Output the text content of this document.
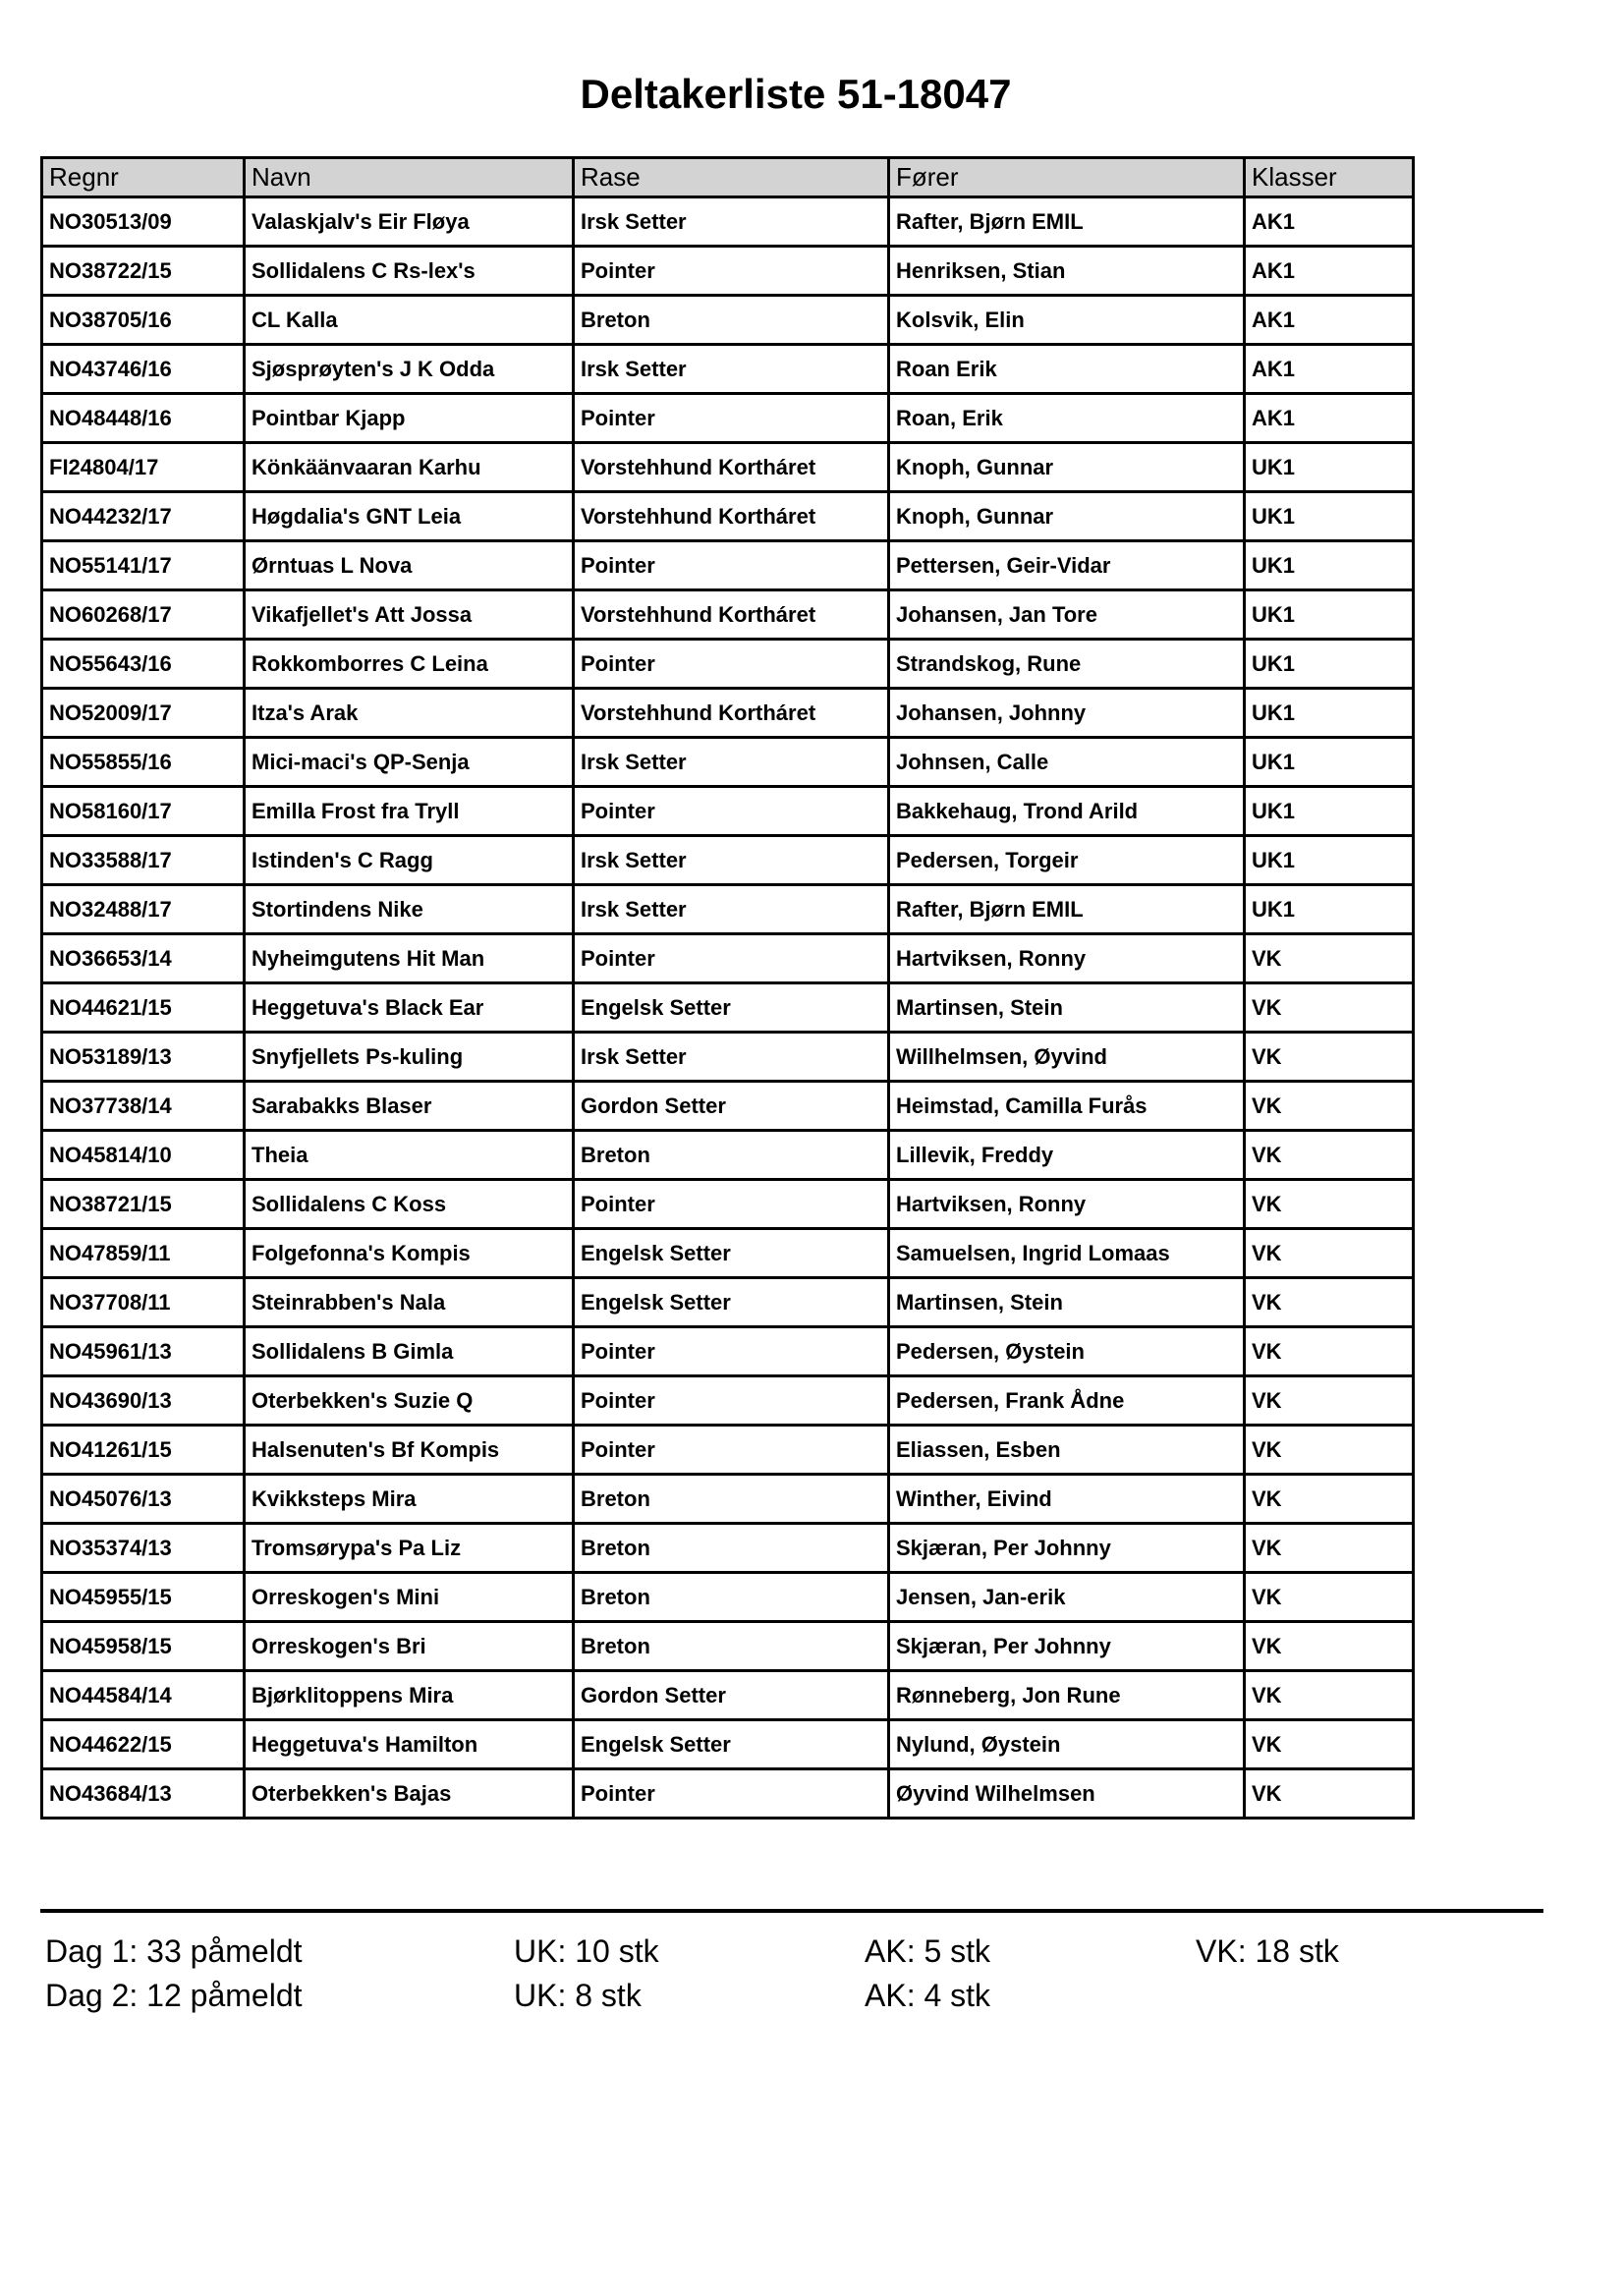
Deltakerliste 51-18047
Regnr	Navn	Rase	Fører	Klasser
NO30513/09	Valaskjalv's Eir Fløya	Irsk Setter	Rafter, Bjørn EMIL	AK1
NO38722/15	Sollidalens C Rs-lex's	Pointer	Henriksen, Stian	AK1
NO38705/16	CL Kalla	Breton	Kolsvik, Elin	AK1
NO43746/16	Sjøsprøyten's J K Odda	Irsk Setter	Roan Erik	AK1
NO48448/16	Pointbar Kjapp	Pointer	Roan, Erik	AK1
FI24804/17	Könkäänvaaran Karhu	Vorstehhund Kortháret	Knoph, Gunnar	UK1
NO44232/17	Høgdalia's GNT Leia	Vorstehhund Kortháret	Knoph, Gunnar	UK1
NO55141/17	Ørntuas L Nova	Pointer	Pettersen, Geir-Vidar	UK1
NO60268/17	Vikafjellet's Att Jossa	Vorstehhund Kortháret	Johansen, Jan Tore	UK1
NO55643/16	Rokkomborres C Leina	Pointer	Strandskog, Rune	UK1
NO52009/17	Itza's Arak	Vorstehhund Kortháret	Johansen, Johnny	UK1
NO55855/16	Mici-maci's QP-Senja	Irsk Setter	Johnsen, Calle	UK1
NO58160/17	Emilla Frost fra Tryll	Pointer	Bakkehaug, Trond Arild	UK1
NO33588/17	Istinden's C Ragg	Irsk Setter	Pedersen, Torgeir	UK1
NO32488/17	Stortindens Nike	Irsk Setter	Rafter, Bjørn EMIL	UK1
NO36653/14	Nyheimgutens Hit Man	Pointer	Hartviksen, Ronny	VK
NO44621/15	Heggetuva's Black Ear	Engelsk Setter	Martinsen, Stein	VK
NO53189/13	Snyfjellets Ps-kuling	Irsk Setter	Willhelmsen, Øyvind	VK
NO37738/14	Sarabakks Blaser	Gordon Setter	Heimstad, Camilla Furås	VK
NO45814/10	Theia	Breton	Lillevik, Freddy	VK
NO38721/15	Sollidalens C Koss	Pointer	Hartviksen, Ronny	VK
NO47859/11	Folgefonna's Kompis	Engelsk Setter	Samuelsen, Ingrid Lomaas	VK
NO37708/11	Steinrabben's Nala	Engelsk Setter	Martinsen, Stein	VK
NO45961/13	Sollidalens B Gimla	Pointer	Pedersen, Øystein	VK
NO43690/13	Oterbekken's Suzie Q	Pointer	Pedersen, Frank Ådne	VK
NO41261/15	Halsenuten's Bf Kompis	Pointer	Eliassen, Esben	VK
NO45076/13	Kvikksteps Mira	Breton	Winther, Eivind	VK
NO35374/13	Tromsørypa's Pa Liz	Breton	Skjæran, Per Johnny	VK
NO45955/15	Orreskogen's Mini	Breton	Jensen, Jan-erik	VK
NO45958/15	Orreskogen's Bri	Breton	Skjæran, Per Johnny	VK
NO44584/14	Bjørklitoppens Mira	Gordon Setter	Rønneberg, Jon Rune	VK
NO44622/15	Heggetuva's Hamilton	Engelsk Setter	Nylund, Øystein	VK
NO43684/13	Oterbekken's Bajas	Pointer	Øyvind Wilhelmsen	VK
Dag 1: 33 påmeldt	UK: 10 stk	AK: 5 stk	VK: 18 stk
Dag 2: 12 påmeldt	UK: 8 stk	AK: 4 stk
